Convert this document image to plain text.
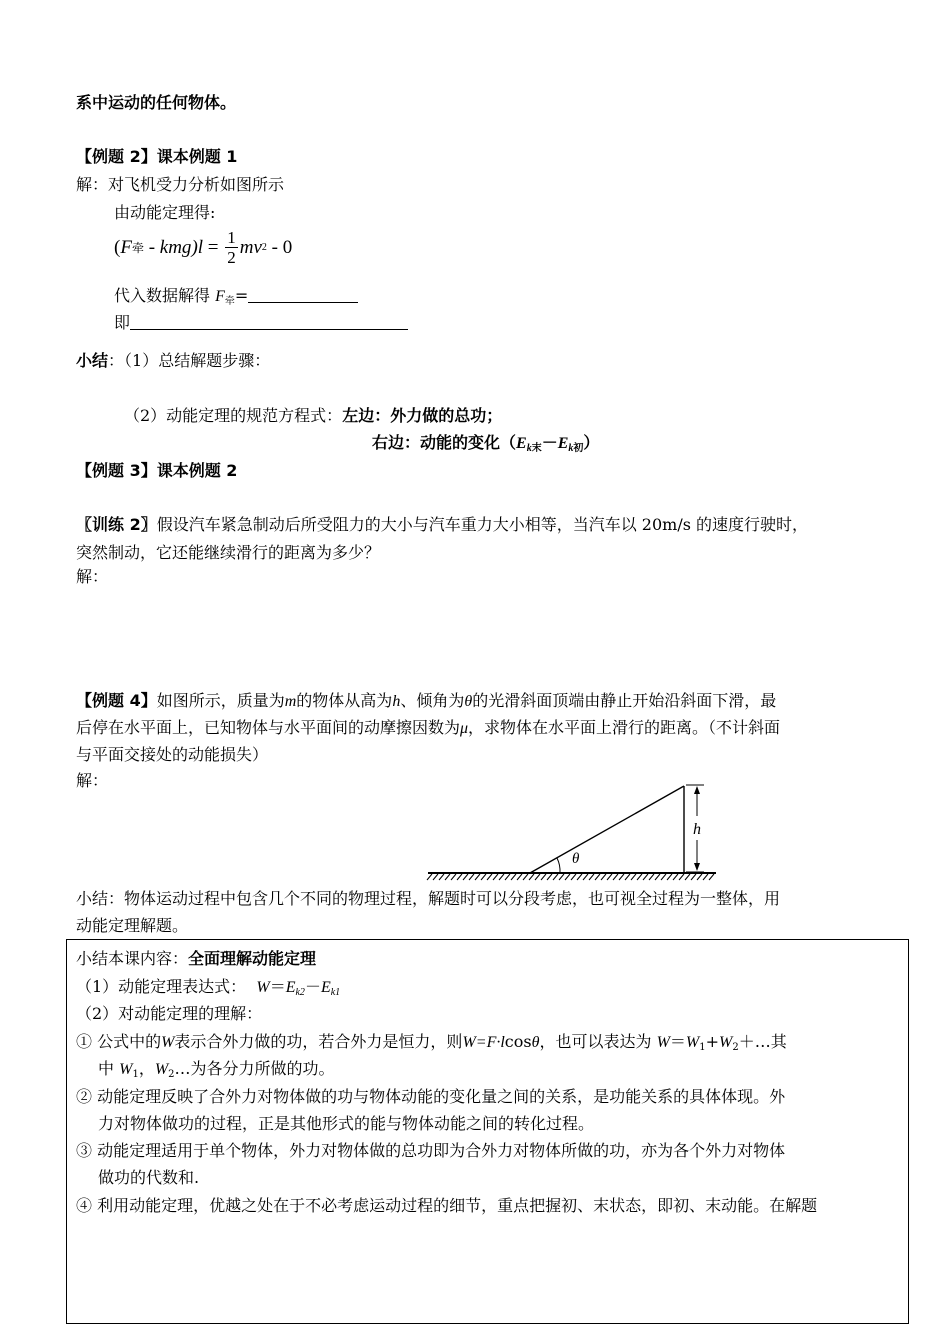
系中运动的任何物体。
【例题 2】课本例题 1
解：对飞机受力分析如图所示
由动能定理得:
( F 牵 - kmg )$l = \frac{1}{2}$ mv 2 - 0
代入数据解得 $F_牵=$
即
小结：（1）总结解题步骤：
（2）动能定理的规范方程式：左边：外力做的总功；
右边：动能的变化$(E_{k末}-E_{k初})$
【例题 3】课本例题 2
〖训练 2〗假设汽车紧急制动后所受阻力的大小与汽车重力大小相等，当汽车以 20m/s 的速度行驶时，
突然制动，它还能继续滑行的距离为多少？
解：
【例题 4】如图所示，质量为m的物体从高为h、倾角为θ的光滑斜面顶端由静止开始沿斜面下滑，最
后停在水平面上，已知物体与水平面间的动摩擦因数为μ，求物体在水平面上滑行的距离。（不计斜面
与平面交接处的动能损失）
解：
h
θ
小结：物体运动过程中包含几个不同的物理过程，解题时可以分段考虑，也可视全过程为一整体，用
动能定理解题。
小结本课内容：全面理解动能定理
（1）动能定理表达式： $W=E_{k2}-E_{k1}$
（2）对动能定理的理解：
① 公式中的W表示合外力做的功，若合外力是恒力，则W=F·lcosθ，也可以表达为 $W=W_1+W_2+\dots$其
中 $W_1$，$W_2\dots$为各分力所做的功。
② 动能定理反映了合外力对物体做的功与物体动能的变化量之间的关系，是功能关系的具体体现。外
力对物体做功的过程，正是其他形式的能与物体动能之间的转化过程。
③ 动能定理适用于单个物体，外力对物体做的总功即为合外力对物体所做的功，亦为各个外力对物体
做功的代数和.
④ 利用动能定理，优越之处在于不必考虑运动过程的细节，重点把握初、末状态，即初、末动能。在解题
